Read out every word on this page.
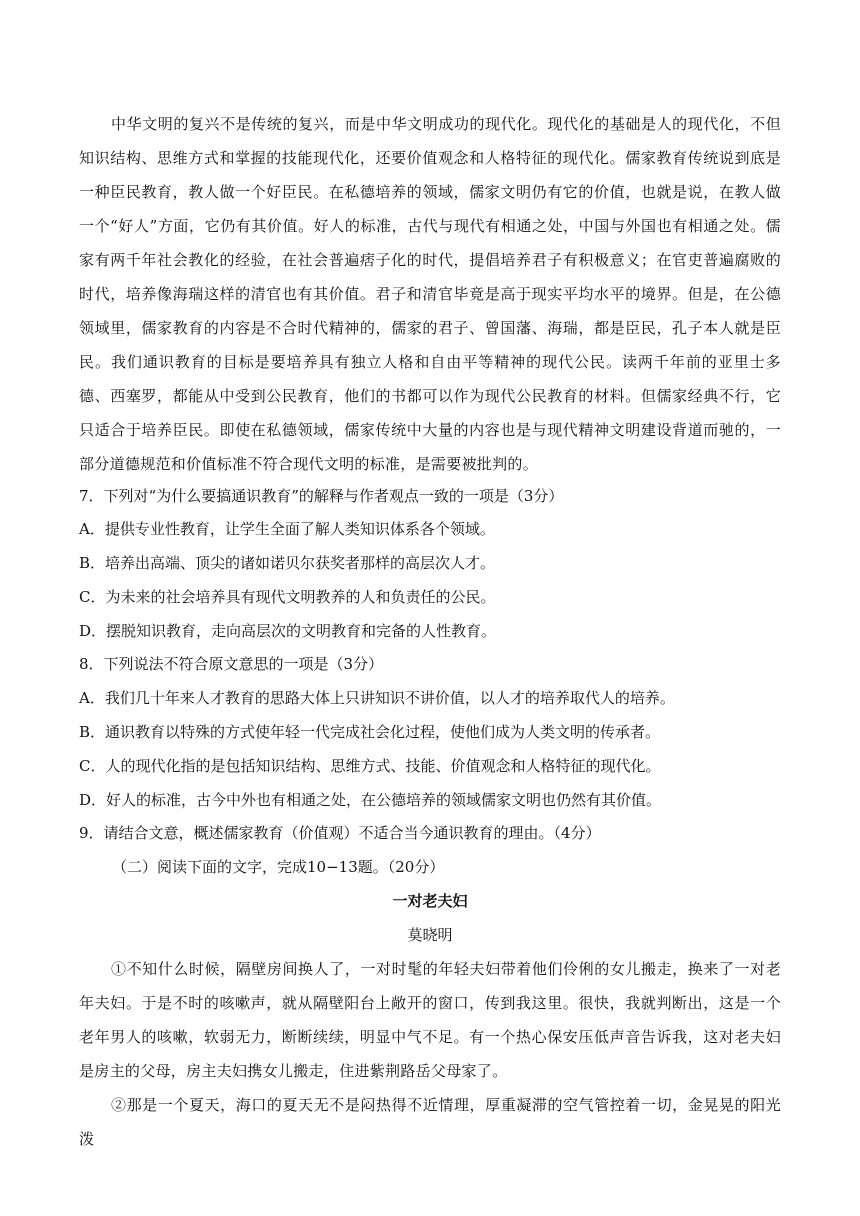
中华文明的复兴不是传统的复兴，而是中华文明成功的现代化。现代化的基础是人的现代化，不但知识结构、思维方式和掌握的技能现代化，还要价值观念和人格特征的现代化。儒家教育传统说到底是一种臣民教育，教人做一个好臣民。在私德培养的领域，儒家文明仍有它的价值，也就是说，在教人做一个“好人”方面，它仍有其价值。好人的标准，古代与现代有相通之处，中国与外国也有相通之处。儒家有两千年社会教化的经验，在社会普遍痞子化的时代，提倡培养君子有积极意义；在官吏普遍腐败的时代，培养像海瑞这样的清官也有其价值。君子和清官毕竟是高于现实平均水平的境界。但是，在公德领域里，儒家教育的内容是不合时代精神的，儒家的君子、曾国藩、海瑞，都是臣民，孔子本人就是臣民。我们通识教育的目标是要培养具有独立人格和自由平等精神的现代公民。读两千年前的亚里士多德、西塞罗，都能从中受到公民教育，他们的书都可以作为现代公民教育的材料。但儒家经典不行，它只适合于培养臣民。即使在私德领域，儒家传统中大量的内容也是与现代精神文明建设背道而驰的，一部分道德规范和价值标准不符合现代文明的标准，是需要被批判的。

7．下列对“为什么要搞通识教育”的解释与作者观点一致的一项是（3分）
A．提供专业性教育，让学生全面了解人类知识体系各个领域。
B．培养出高端、顶尖的诸如诺贝尔获奖者那样的高层次人才。
C．为未来的社会培养具有现代文明教养的人和负责任的公民。
D．摆脱知识教育，走向高层次的文明教育和完备的人性教育。
8．下列说法不符合原文意思的一项是（3分）
A．我们几十年来人才教育的思路大体上只讲知识不讲价值，以人才的培养取代人的培养。
B．通识教育以特殊的方式使年轻一代完成社会化过程，使他们成为人类文明的传承者。
C．人的现代化指的是包括知识结构、思维方式、技能、价值观念和人格特征的现代化。
D．好人的标准，古今中外也有相通之处，在公德培养的领域儒家文明也仍然有其价值。
9．请结合文意，概述儒家教育（价值观）不适合当今通识教育的理由。（4分）
（二）阅读下面的文字，完成10−13题。（20分）
一对老夫妇
莫晓明

①不知什么时候，隔壁房间换人了，一对时髦的年轻夫妇带着他们伶俐的女儿搬走，换来了一对老年夫妇。于是不时的咳嗽声，就从隔壁阳台上敞开的窗口，传到我这里。很快，我就判断出，这是一个老年男人的咳嗽，软弱无力，断断续续，明显中气不足。有一个热心保安压低声音告诉我，这对老夫妇是房主的父母，房主夫妇携女儿搬走，住进紫荆路岳父母家了。

②那是一个夏天，海口的夏天无不是闷热得不近情理，厚重凝滞的空气管控着一切，金晃晃的阳光泼
